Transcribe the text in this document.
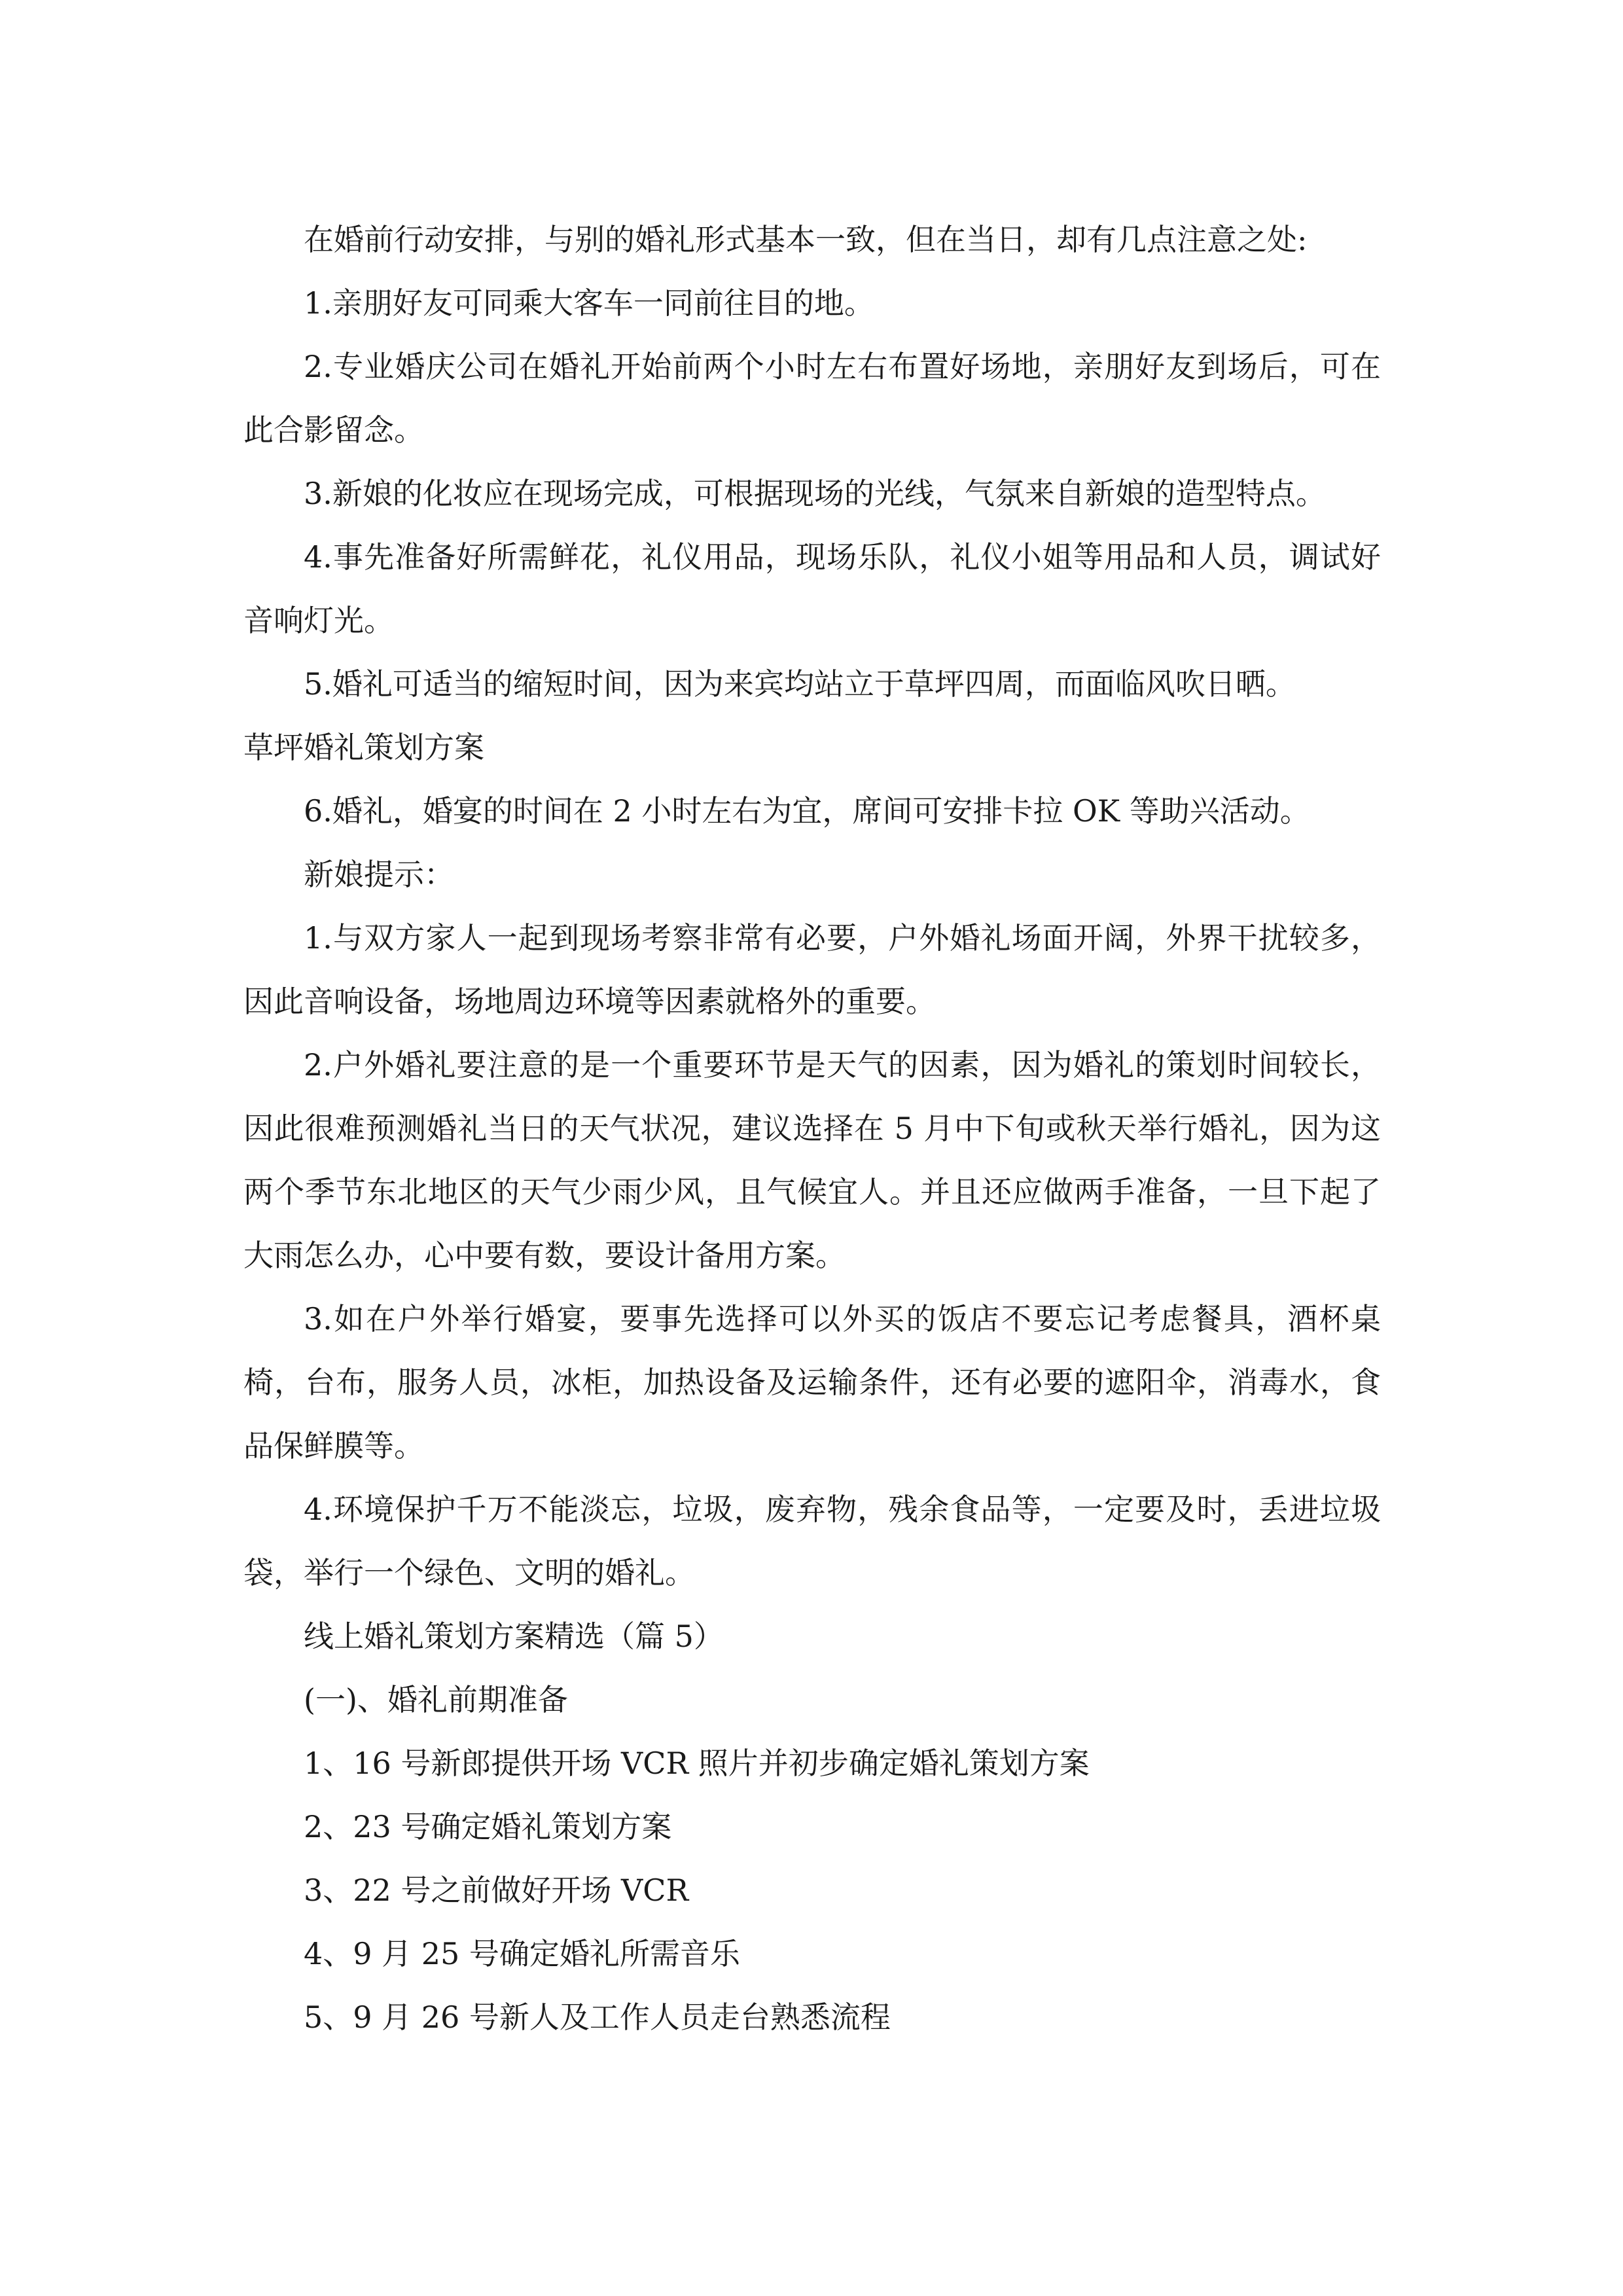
在婚前行动安排，与别的婚礼形式基本一致，但在当日，却有几点注意之处:

1.亲朋好友可同乘大客车一同前往目的地。

2.专业婚庆公司在婚礼开始前两个小时左右布置好场地，亲朋好友到场后，可在此合影留念。

3.新娘的化妆应在现场完成，可根据现场的光线，气氛来自新娘的造型特点。

4.事先准备好所需鲜花，礼仪用品，现场乐队，礼仪小姐等用品和人员，调试好音响灯光。

5.婚礼可适当的缩短时间，因为来宾均站立于草坪四周，而面临风吹日晒。

草坪婚礼策划方案

6.婚礼，婚宴的时间在 2 小时左右为宜，席间可安排卡拉 OK 等助兴活动。

新娘提示：

1.与双方家人一起到现场考察非常有必要，户外婚礼场面开阔，外界干扰较多，因此音响设备，场地周边环境等因素就格外的重要。

2.户外婚礼要注意的是一个重要环节是天气的因素，因为婚礼的策划时间较长，因此很难预测婚礼当日的天气状况，建议选择在 5 月中下旬或秋天举行婚礼，因为这两个季节东北地区的天气少雨少风，且气候宜人。并且还应做两手准备，一旦下起了大雨怎么办，心中要有数，要设计备用方案。

3.如在户外举行婚宴，要事先选择可以外买的饭店不要忘记考虑餐具，酒杯桌椅，台布，服务人员，冰柜，加热设备及运输条件，还有必要的遮阳伞，消毒水，食品保鲜膜等。

4.环境保护千万不能淡忘，垃圾，废弃物，残余食品等，一定要及时，丢进垃圾袋，举行一个绿色、文明的婚礼。

线上婚礼策划方案精选（篇 5）

(一)、婚礼前期准备

1、16 号新郎提供开场 VCR 照片并初步确定婚礼策划方案

2、23 号确定婚礼策划方案

3、22 号之前做好开场 VCR

4、9 月 25 号确定婚礼所需音乐

5、9 月 26 号新人及工作人员走台熟悉流程
